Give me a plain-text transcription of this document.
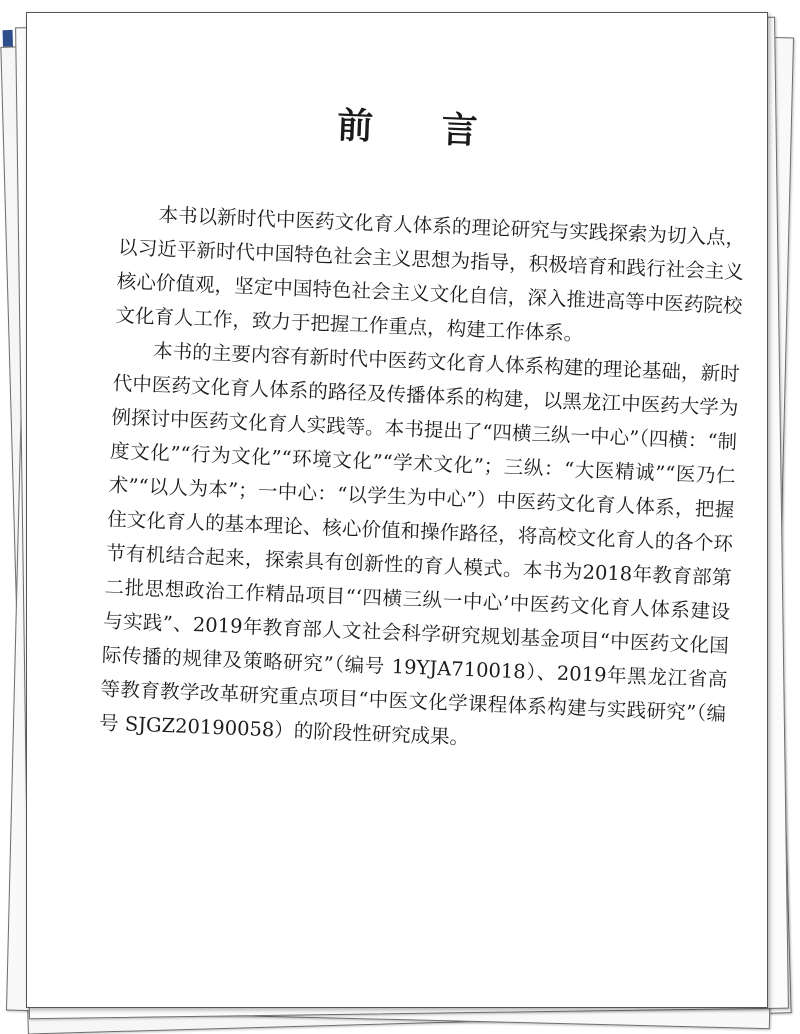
前 言

本书以新时代中医药文化育人体系的理论研究与实践探索为切入点，以习近平新时代中国特色社会主义思想为指导，积极培育和践行社会主义核心价值观，坚定中国特色社会主义文化自信，深入推进高等中医药院校文化育人工作，致力于把握工作重点，构建工作体系。

本书的主要内容有新时代中医药文化育人体系构建的理论基础，新时代中医药文化育人体系的路径及传播体系的构建，以黑龙江中医药大学为例探讨中医药文化育人实践等。本书提出了“四横三纵一中心”（四横：“制度文化”“行为文化”“环境文化”“学术文化”；三纵：“大医精诚”“医乃仁术”“以人为本”；一中心：“以学生为中心”）中医药文化育人体系，把握住文化育人的基本理论、核心价值和操作路径，将高校文化育人的各个环节有机结合起来，探索具有创新性的育人模式。本书为2018年教育部第二批思想政治工作精品项目“‘四横三纵一中心’中医药文化育人体系建设与实践”、2019年教育部人文社会科学研究规划基金项目“中医药文化国际传播的规律及策略研究”（编号 19YJA710018）、2019年黑龙江省高等教育教学改革研究重点项目“中医文化学课程体系构建与实践研究”（编号 SJGZ20190058）的阶段性研究成果。
